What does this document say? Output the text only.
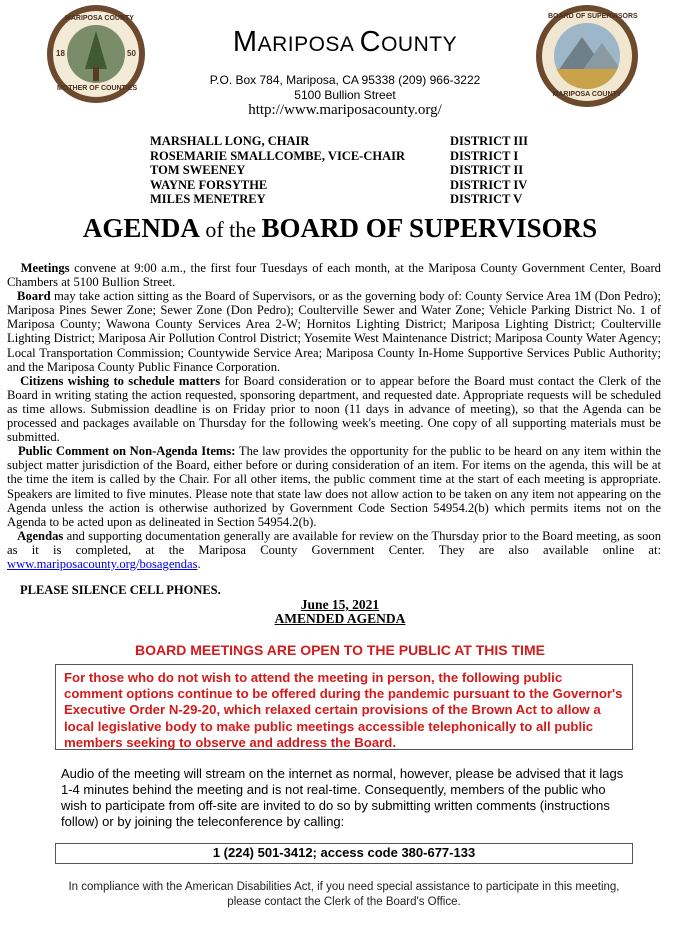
MARIPOSA COUNTY
MOTHER OF COUNTIES
18	50
BOARD OF SUPERVISORS
MARIPOSA COUNTY
MARIPOSA COUNTY
P.O. Box 784, Mariposa, CA 95338 (209) 966-3222
5100 Bullion Street
http://www.mariposacounty.org/
MARSHALL LONG, CHAIR	DISTRICT III
ROSEMARIE SMALLCOMBE, VICE-CHAIR	DISTRICT I
TOM SWEENEY	DISTRICT II
WAYNE FORSYTHE	DISTRICT IV
MILES MENETREY	DISTRICT V
AGENDA of the BOARD OF SUPERVISORS

Meetings convene at 9:00 a.m., the first four Tuesdays of each month, at the Mariposa County Government Center, Board Chambers at 5100 Bullion Street.

Board may take action sitting as the Board of Supervisors, or as the governing body of: County Service Area 1M (Don Pedro); Mariposa Pines Sewer Zone; Sewer Zone (Don Pedro); Coulterville Sewer and Water Zone; Vehicle Parking District No. 1 of Mariposa County; Wawona County Services Area 2-W; Hornitos Lighting District; Mariposa Lighting District; Coulterville Lighting District; Mariposa Air Pollution Control District; Yosemite West Maintenance District; Mariposa County Water Agency; Local Transportation Commission; Countywide Service Area; Mariposa County In-Home Supportive Services Public Authority; and the Mariposa County Public Finance Corporation.

Citizens wishing to schedule matters for Board consideration or to appear before the Board must contact the Clerk of the Board in writing stating the action requested, sponsoring department, and requested date. Appropriate requests will be scheduled as time allows. Submission deadline is on Friday prior to noon (11 days in advance of meeting), so that the Agenda can be processed and packages available on Thursday for the following week's meeting. One copy of all supporting materials must be submitted.

Public Comment on Non-Agenda Items: The law provides the opportunity for the public to be heard on any item within the subject matter jurisdiction of the Board, either before or during consideration of an item. For items on the agenda, this will be at the time the item is called by the Chair. For all other items, the public comment time at the start of each meeting is appropriate. Speakers are limited to five minutes. Please note that state law does not allow action to be taken on any item not appearing on the Agenda unless the action is otherwise authorized by Government Code Section 54954.2(b) which permits items not on the Agenda to be acted upon as delineated in Section 54954.2(b).

Agendas and supporting documentation generally are available for review on the Thursday prior to the Board meeting, as soon as it is completed, at the Mariposa County Government Center. They are also available online at: www.mariposacounty.org/bosagendas.

PLEASE SILENCE CELL PHONES.
June 15, 2021
AMENDED AGENDA
BOARD MEETINGS ARE OPEN TO THE PUBLIC AT THIS TIME
For those who do not wish to attend the meeting in person, the following public comment options continue to be offered during the pandemic pursuant to the Governor's Executive Order N-29-20, which relaxed certain provisions of the Brown Act to allow a local legislative body to make public meetings accessible telephonically to all public members seeking to observe and address the Board.
Audio of the meeting will stream on the internet as normal, however, please be advised that it lags 1-4 minutes behind the meeting and is not real-time. Consequently, members of the public who wish to participate from off-site are invited to do so by submitting written comments (instructions follow) or by joining the teleconference by calling:
1 (224) 501-3412; access code 380-677-133
In compliance with the American Disabilities Act, if you need special assistance to participate in this meeting, please contact the Clerk of the Board's Office.
